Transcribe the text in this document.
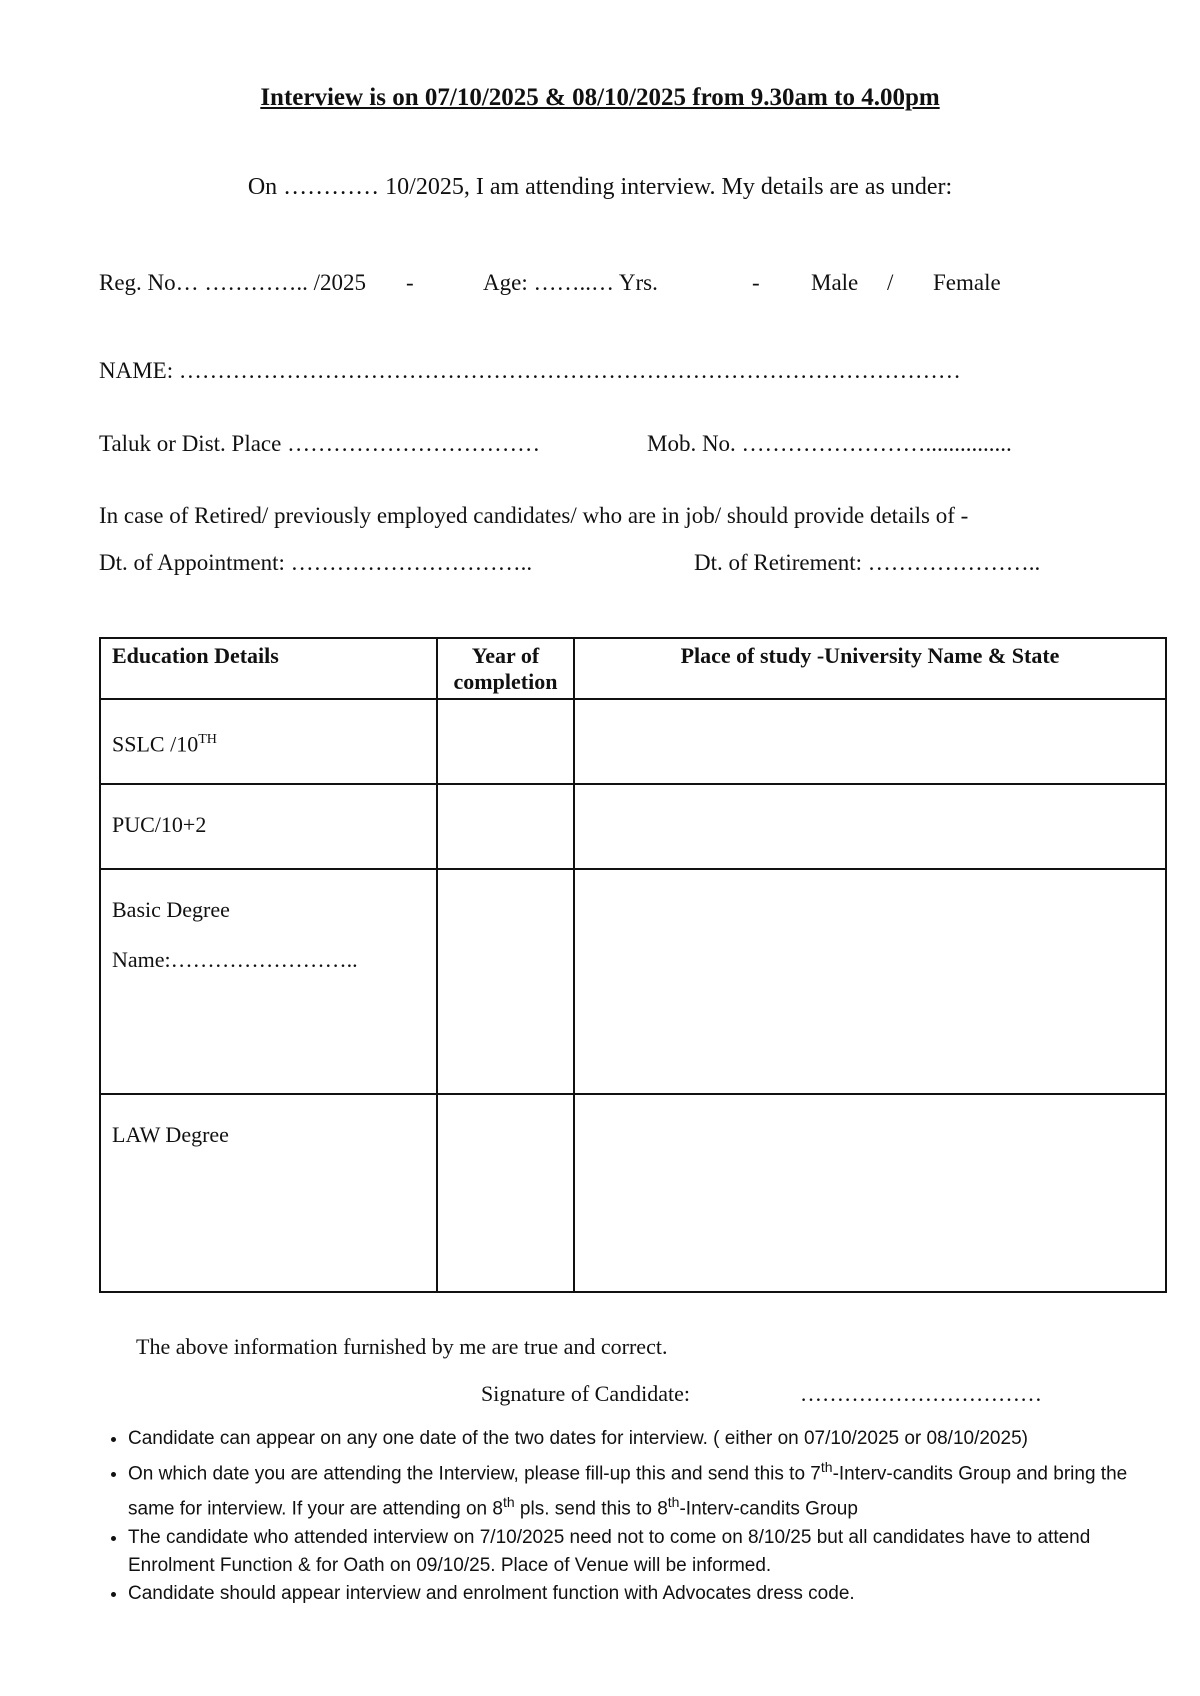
Interview is on 07/10/2025 & 08/10/2025 from 9.30am to 4.00pm
On ………… 10/2025, I am attending interview. My details are as under:
Reg. No… ………….. /2025 -	Age: ……..… Yrs.	- Male / Female
NAME: …………………………………………………………………………………………
Taluk or Dist. Place ……………………………	Mob. No. ……………………...............
In case of Retired/ previously employed candidates/ who are in job/ should provide details of -
Dt. of Appointment: …………………………..	Dt. of Retirement: …………………..
Education Details	Year of completion	Place of study -University Name & State

SSLC /10TH

PUC/10+2		

Basic Degree
Name:……………………..		

LAW Degree		

The above information furnished by me are true and correct.
Signature of Candidate:	……………………………
• Candidate can appear on any one date of the two dates for interview. ( either on 07/10/2025 or 08/10/2025)
• On which date you are attending the Interview, please fill-up this and send this to 7th-Interv-candits Group and bring the same for interview. If your are attending on 8th pls. send this to 8th-Interv-candits Group
• The candidate who attended interview on 7/10/2025 need not to come on 8/10/25 but all candidates have to attend Enrolment Function & for Oath on 09/10/25. Place of Venue will be informed.
• Candidate should appear interview and enrolment function with Advocates dress code.
